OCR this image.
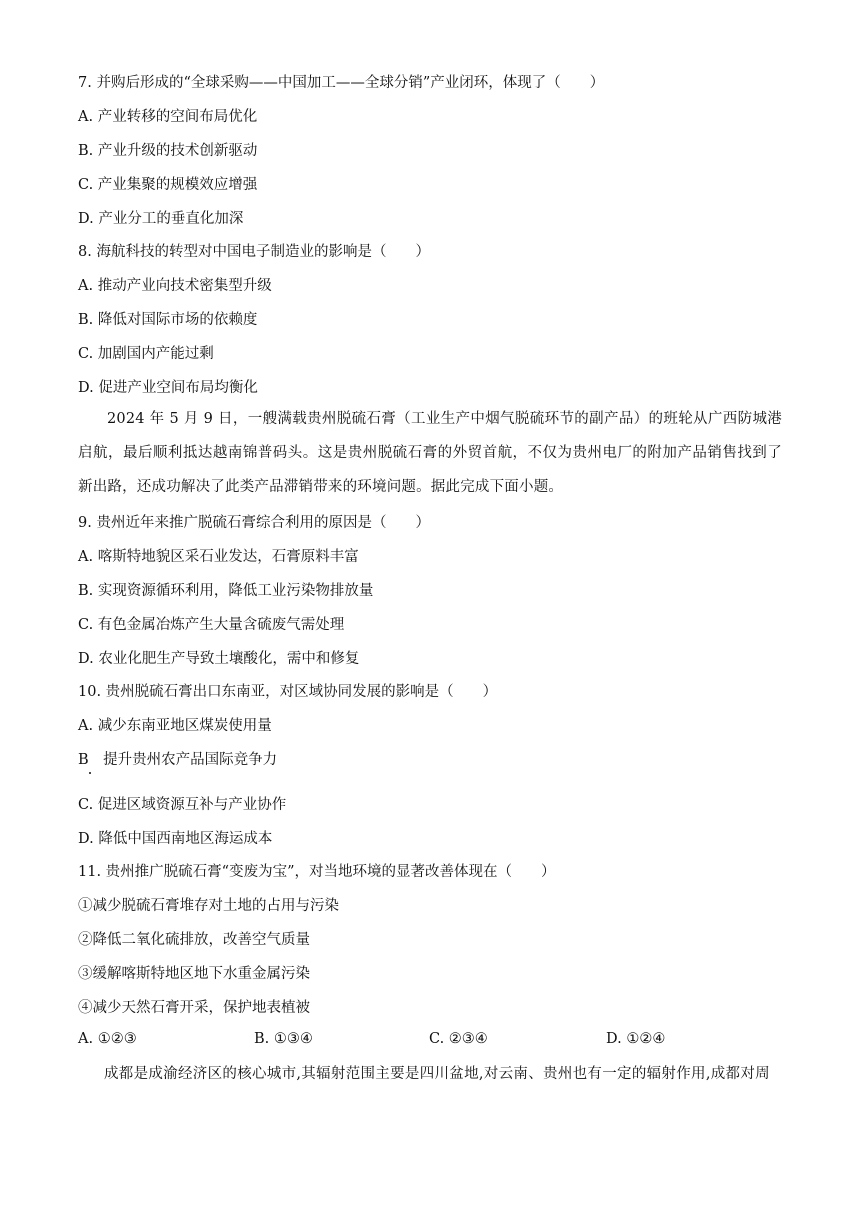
7. 并购后形成的“全球采购——中国加工——全球分销”产业闭环，体现了（　　）
A. 产业转移的空间布局优化
B. 产业升级的技术创新驱动
C. 产业集聚的规模效应增强
D. 产业分工的垂直化加深
8. 海航科技的转型对中国电子制造业的影响是（　　）
A. 推动产业向技术密集型升级
B. 降低对国际市场的依赖度
C. 加剧国内产能过剩
D. 促进产业空间布局均衡化
2024 年 5 月 9 日，一艘满载贵州脱硫石膏（工业生产中烟气脱硫环节的副产品）的班轮从广西防城港启航，最后顺利抵达越南锦普码头。这是贵州脱硫石膏的外贸首航，不仅为贵州电厂的附加产品销售找到了新出路，还成功解决了此类产品滞销带来的环境问题。据此完成下面小题。
9. 贵州近年来推广脱硫石膏综合利用的原因是（　　）
A. 喀斯特地貌区采石业发达，石膏原料丰富
B. 实现资源循环利用，降低工业污染物排放量
C. 有色金属冶炼产生大量含硫废气需处理
D. 农业化肥生产导致土壤酸化，需中和修复
10. 贵州脱硫石膏出口东南亚，对区域协同发展的影响是（　　）
A. 减少东南亚地区煤炭使用量
B　提升贵州农产品国际竞争力
C. 促进区域资源互补与产业协作
D. 降低中国西南地区海运成本
11. 贵州推广脱硫石膏“变废为宝”，对当地环境的显著改善体现在（　　）
①减少脱硫石膏堆存对土地的占用与污染
②降低二氧化硫排放，改善空气质量
③缓解喀斯特地区地下水重金属污染
④减少天然石膏开采，保护地表植被
A. ①②③	B. ①③④	C. ②③④	D. ①②④
成都是成渝经济区的核心城市,其辐射范围主要是四川盆地,对云南、贵州也有一定的辐射作用,成都对周
